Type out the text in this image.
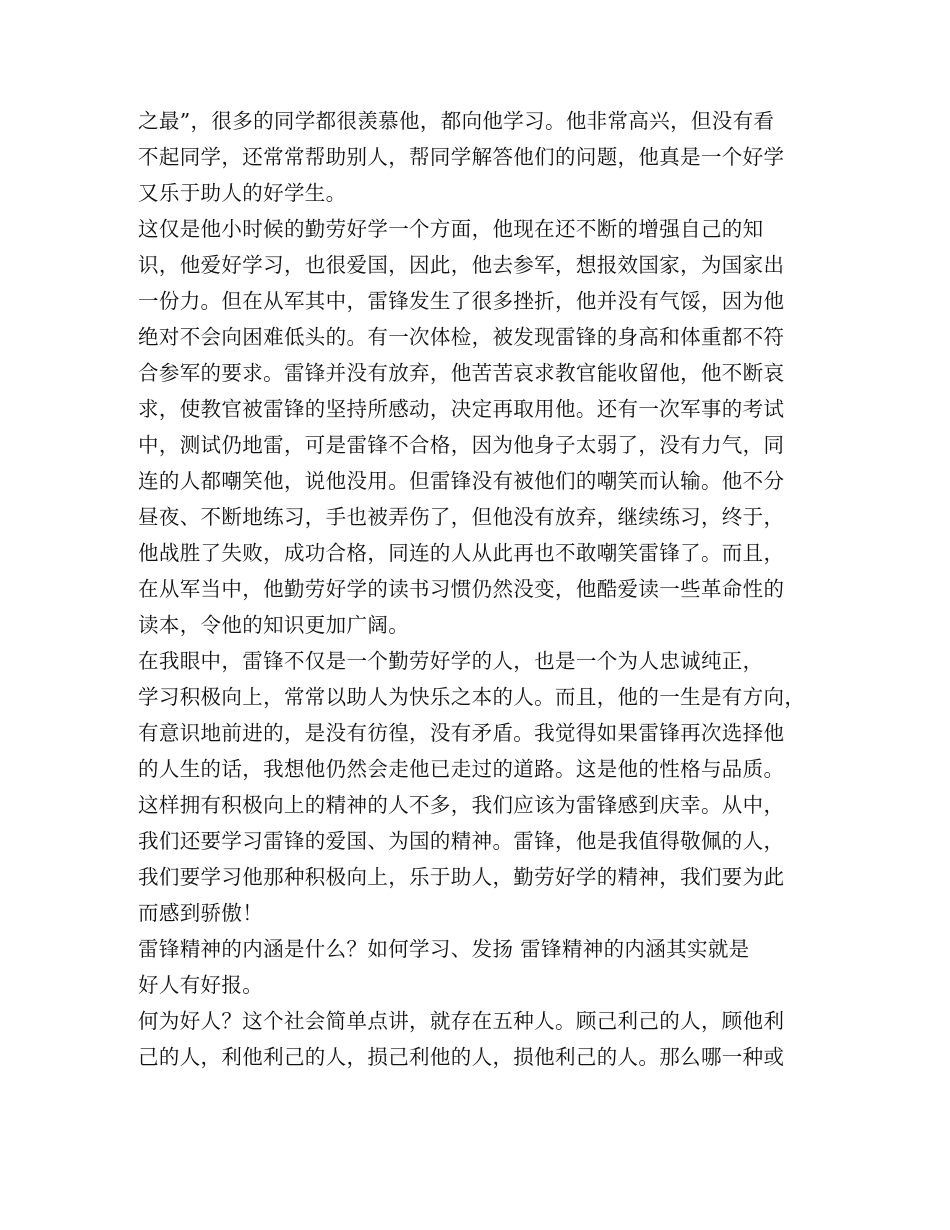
之最”，很多的同学都很羡慕他，都向他学习。他非常高兴，但没有看
不起同学，还常常帮助别人，帮同学解答他们的问题，他真是一个好学
又乐于助人的好学生。
这仅是他小时候的勤劳好学一个方面，他现在还不断的增强自己的知
识，他爱好学习，也很爱国，因此，他去参军，想报效国家，为国家出
一份力。但在从军其中，雷锋发生了很多挫折，他并没有气馁，因为他
绝对不会向困难低头的。有一次体检，被发现雷锋的身高和体重都不符
合参军的要求。雷锋并没有放弃，他苦苦哀求教官能收留他，他不断哀
求，使教官被雷锋的坚持所感动，决定再取用他。还有一次军事的考试
中，测试仍地雷，可是雷锋不合格，因为他身子太弱了，没有力气，同
连的人都嘲笑他，说他没用。但雷锋没有被他们的嘲笑而认输。他不分
昼夜、不断地练习，手也被弄伤了，但他没有放弃，继续练习，终于，
他战胜了失败，成功合格，同连的人从此再也不敢嘲笑雷锋了。而且，
在从军当中，他勤劳好学的读书习惯仍然没变，他酷爱读一些革命性的
读本，令他的知识更加广阔。
在我眼中，雷锋不仅是一个勤劳好学的人，也是一个为人忠诚纯正，
学习积极向上，常常以助人为快乐之本的人。而且，他的一生是有方向，
有意识地前进的，是没有彷徨，没有矛盾。我觉得如果雷锋再次选择他
的人生的话，我想他仍然会走他已走过的道路。这是他的性格与品质。
这样拥有积极向上的精神的人不多，我们应该为雷锋感到庆幸。从中，
我们还要学习雷锋的爱国、为国的精神。雷锋，他是我值得敬佩的人，
我们要学习他那种积极向上，乐于助人，勤劳好学的精神，我们要为此
而感到骄傲！
雷锋精神的内涵是什么？如何学习、发扬 雷锋精神的内涵其实就是
好人有好报。
何为好人？这个社会简单点讲，就存在五种人。顾己利己的人，顾他利
己的人，利他利己的人，损己利他的人，损他利己的人。那么哪一种或
